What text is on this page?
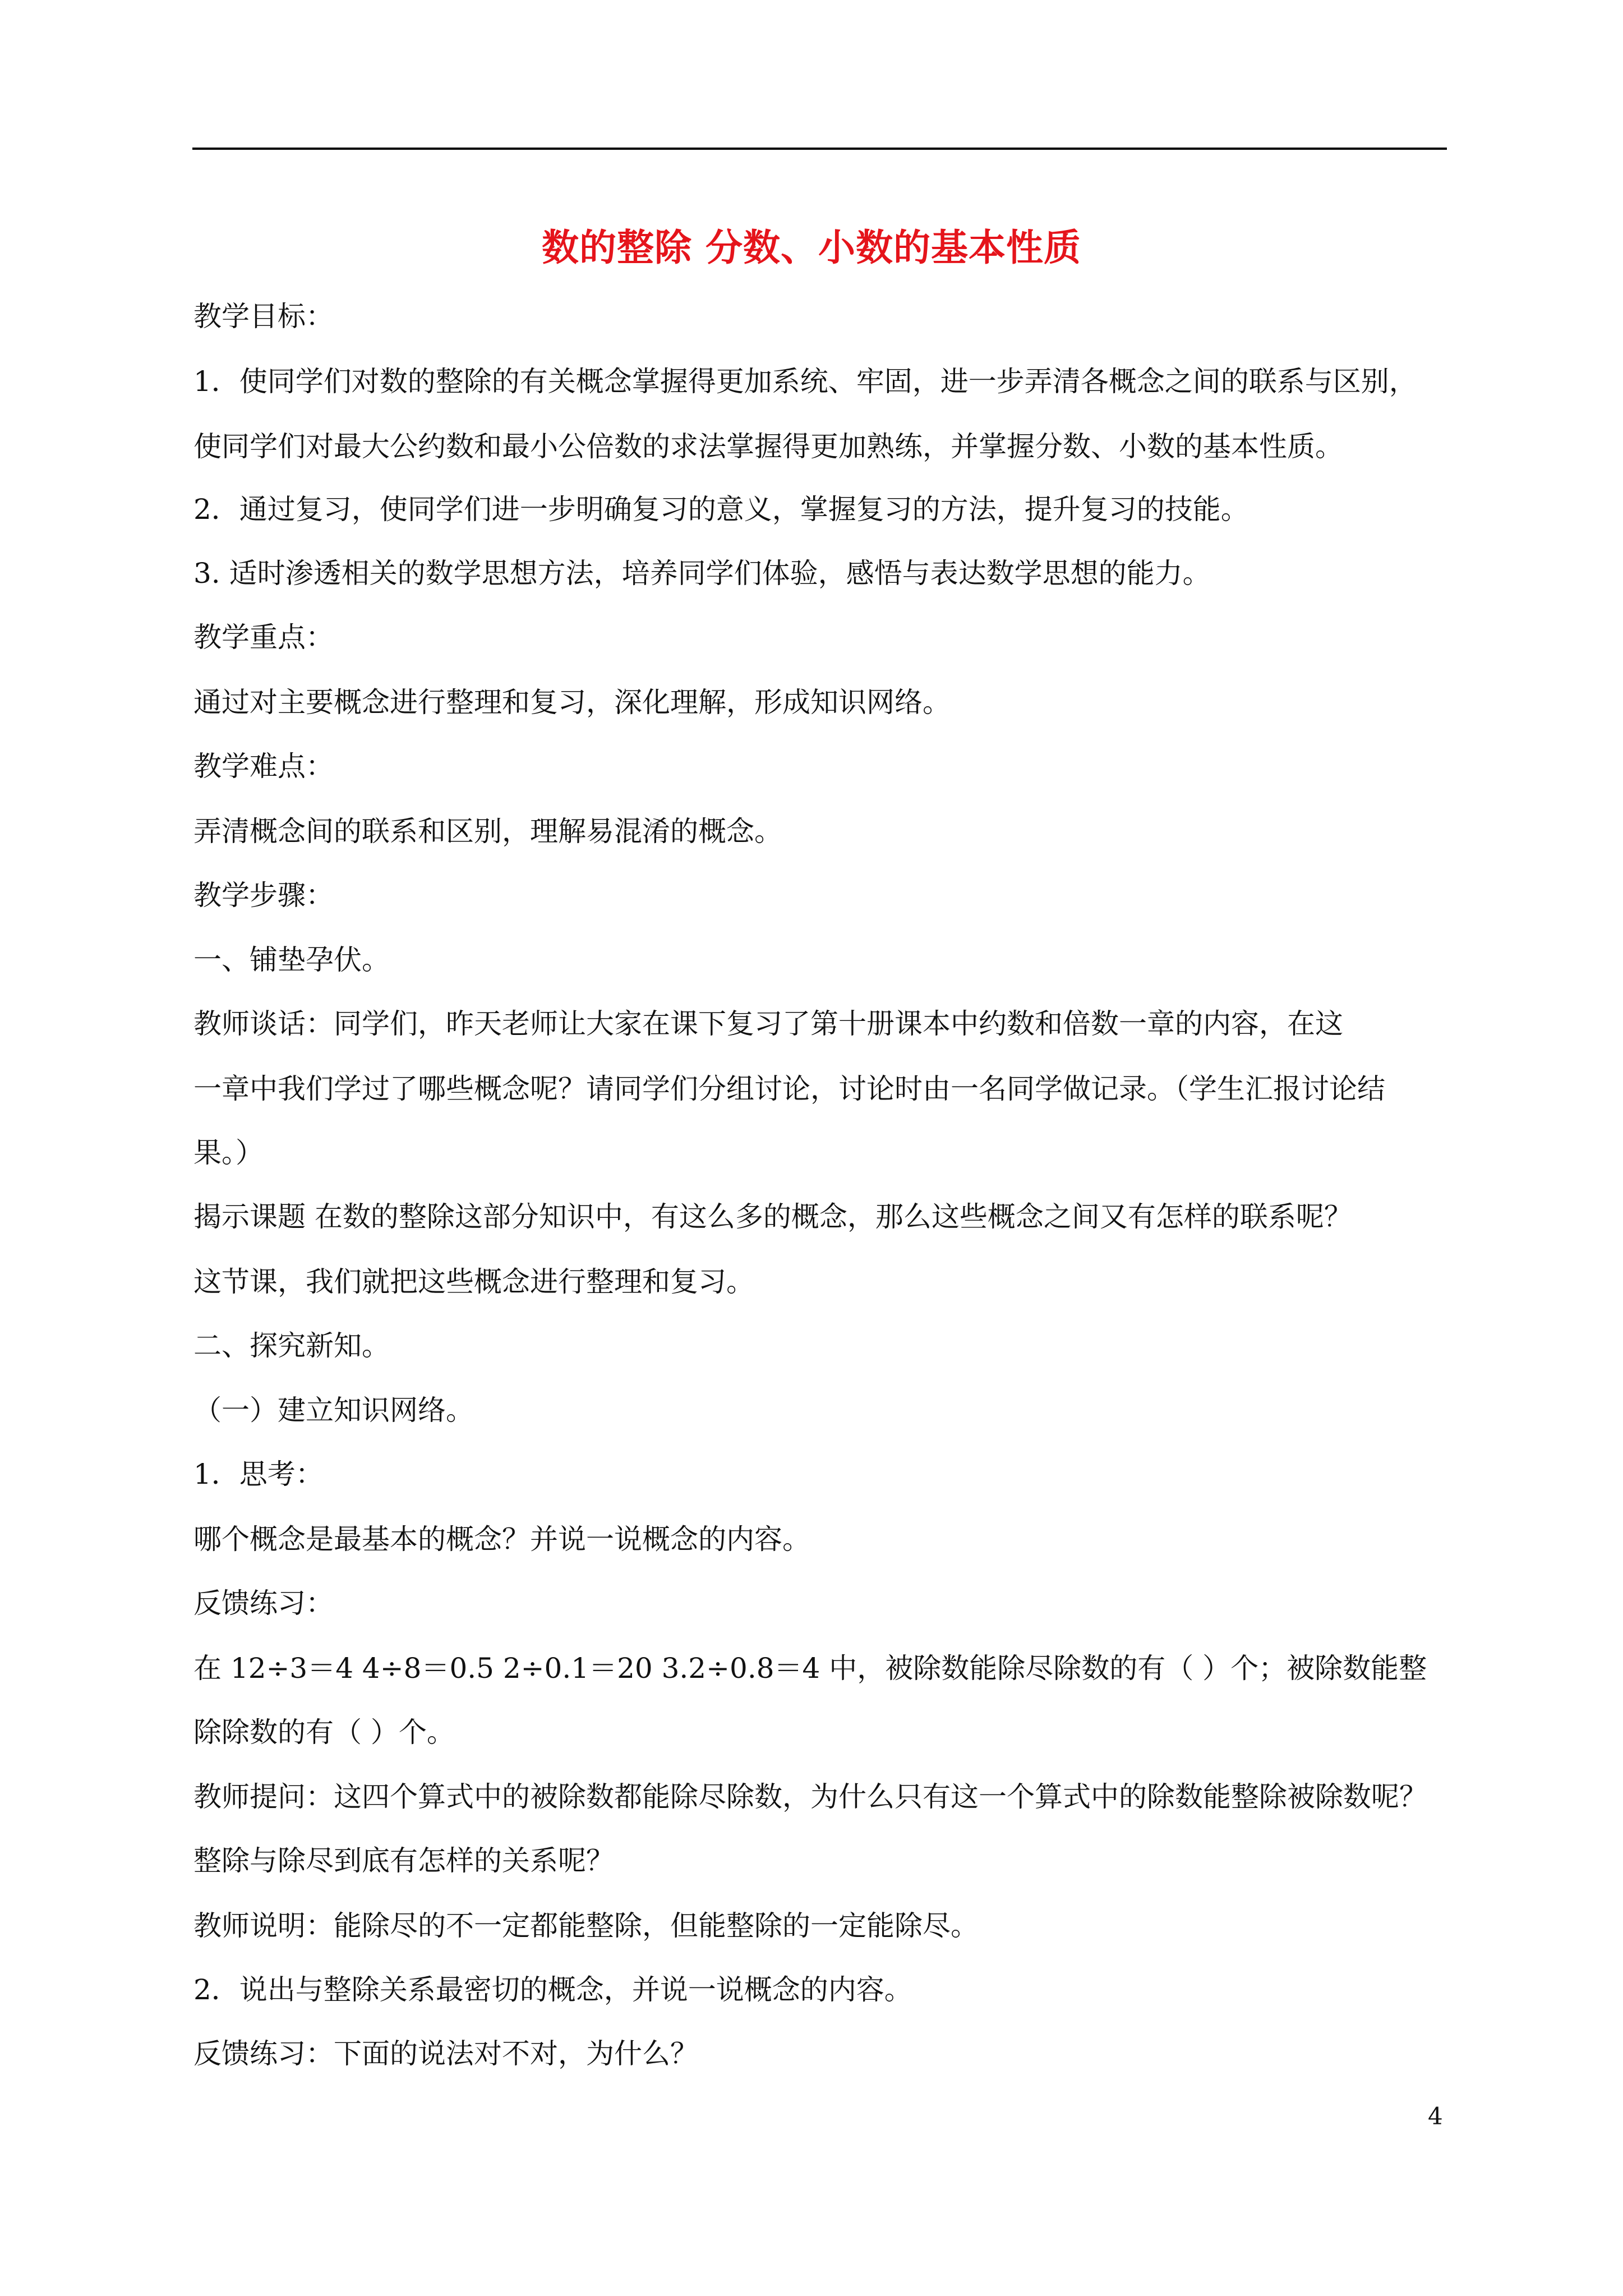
数的整除 分数、小数的基本性质
教学目标：
1．使同学们对数的整除的有关概念掌握得更加系统、牢固，进一步弄清各概念之间的联系与区别，
使同学们对最大公约数和最小公倍数的求法掌握得更加熟练，并掌握分数、小数的基本性质。
2．通过复习，使同学们进一步明确复习的意义，掌握复习的方法，提升复习的技能。
3. 适时渗透相关的数学思想方法，培养同学们体验，感悟与表达数学思想的能力。
教学重点：
通过对主要概念进行整理和复习，深化理解，形成知识网络。
教学难点：
弄清概念间的联系和区别，理解易混淆的概念。
教学步骤：
一、铺垫孕伏。
教师谈话：同学们，昨天老师让大家在课下复习了第十册课本中约数和倍数一章的内容，在这
一章中我们学过了哪些概念呢？请同学们分组讨论，讨论时由一名同学做记录。（学生汇报讨论结
果。）
揭示课题 在数的整除这部分知识中，有这么多的概念，那么这些概念之间又有怎样的联系呢？
这节课，我们就把这些概念进行整理和复习。
二、探究新知。
（一）建立知识网络。
1．思考：
哪个概念是最基本的概念？并说一说概念的内容。
反馈练习：
在 12÷3＝4 4÷8＝0.5 2÷0.1＝20 3.2÷0.8＝4 中，被除数能除尽除数的有（ ）个；被除数能整
除除数的有（ ）个。
教师提问：这四个算式中的被除数都能除尽除数，为什么只有这一个算式中的除数能整除被除数呢？
整除与除尽到底有怎样的关系呢？
教师说明：能除尽的不一定都能整除，但能整除的一定能除尽。
2．说出与整除关系最密切的概念，并说一说概念的内容。
反馈练习：下面的说法对不对，为什么？
4
